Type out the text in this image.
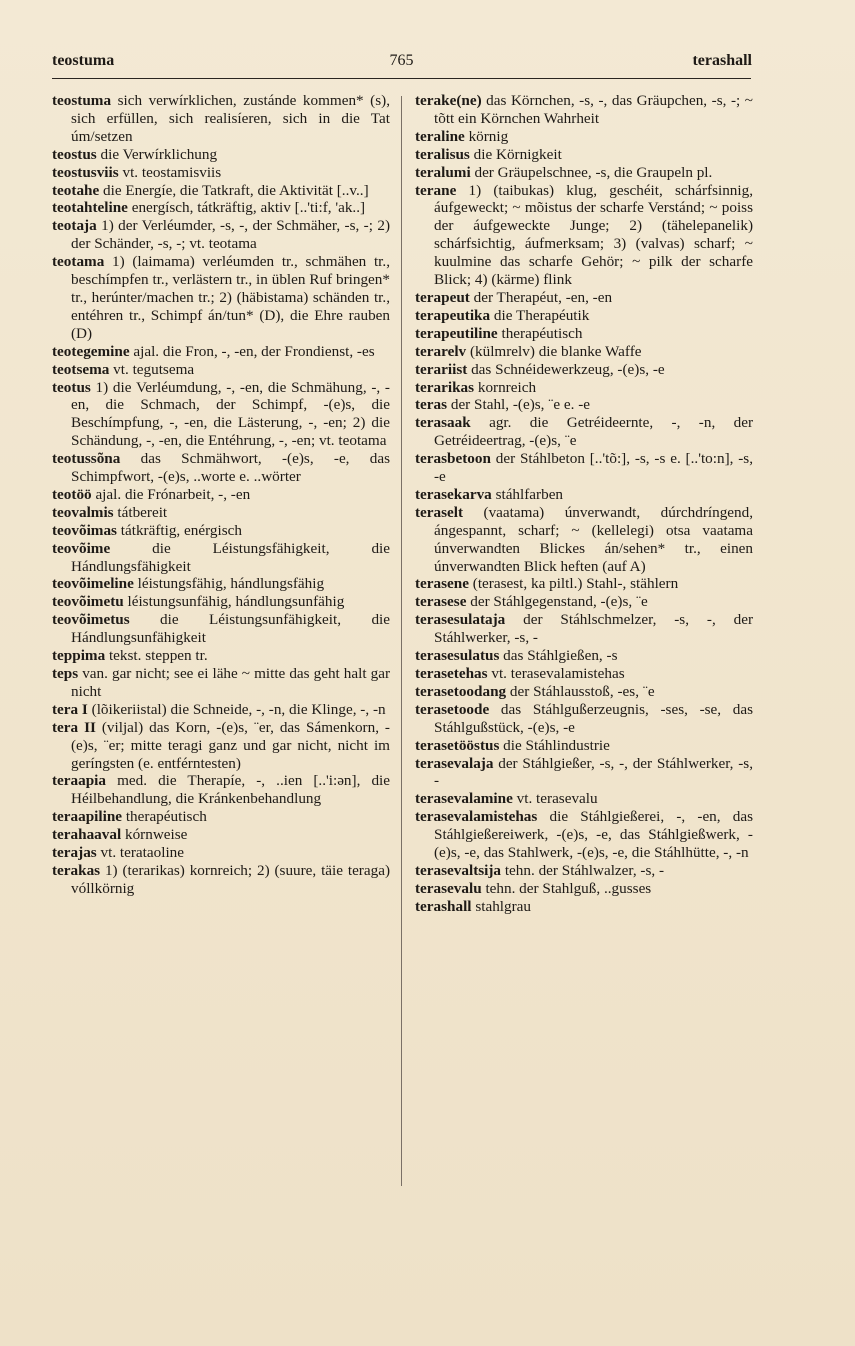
teostuma	765	terashall

teostuma sich verwírklichen, zustánde kommen* (s), sich erfüllen, sich realisíeren, sich in die Tat úm/setzen

teostus die Verwírklichung

teostusviis vt. teostamisviis

teotahe die Energíe, die Tatkraft, die Aktivität [..v..]

teotahteline energísch, tátkräftig, aktiv [..'ti:f, 'ak..]

teotaja 1) der Verléumder, -s, -, der Schmäher, -s, -; 2) der Schänder, -s, -; vt. teotama

teotama 1) (laimama) verléumden tr., schmähen tr., beschímpfen tr., verlästern tr., in üblen Ruf bringen* tr., herúnter/machen tr.; 2) (häbistama) schänden tr., entéhren tr., Schimpf án/tun* (D), die Ehre rauben (D)

teotegemine ajal. die Fron, -, -en, der Frondienst, -es

teotsema vt. tegutsema

teotus 1) die Verléumdung, -, -en, die Schmähung, -, -en, die Schmach, der Schimpf, -(e)s, die Beschímpfung, -, -en, die Lästerung, -, -en; 2) die Schändung, -, -en, die Entéhrung, -, -en; vt. teotama

teotussõna das Schmähwort, -(e)s, -e, das Schimpfwort, -(e)s, ..worte e. ..wörter

teotöö ajal. die Frónarbeit, -, -en

teovalmis tátbereit

teovõimas tátkräftig, enérgisch

teovõime	die Léistungsfähigkeit, die Hándlungsfähigkeit

teovõimeline léistungsfähig, hándlungsfähig

teovõimetu léistungsunfähig, hándlungsunfähig

teovõimetus die Léistungsunfähigkeit, die Hándlungsunfähigkeit

teppima tekst. steppen tr.

teps van. gar nicht; see ei lähe ~ mitte das geht halt gar nicht

tera I (lõikeriistal) die Schneide, -, -n, die Klinge, -, -n

tera II (viljal) das Korn, -(e)s, ¨er, das Sámenkorn, -(e)s, ¨er; mitte teragi ganz und gar nicht, nicht im geríngsten (e. entférntesten)

teraapia med. die Therapíe, -, ..ien [..'i:ən], die Héilbehandlung, die Kránkenbehandlung

teraapiline therapéutisch

terahaaval kórnweise

terajas vt. terataoline

terakas 1) (terarikas) kornreich; 2) (suure, täie teraga) vóllkörnig

terake(ne) das Körnchen, -s, -, das Gräupchen, -s, -; ~ tõtt ein Körnchen Wahrheit

teraline körnig

teralisus die Körnigkeit

teralumi der Gräupelschnee, -s, die Graupeln pl.

terane 1) (taibukas) klug, geschéit, schárfsinnig, áufgeweckt; ~ mõistus der scharfe Verstánd; ~ poiss der áufgeweckte Junge; 2) (tähelepanelik) schárfsichtig, áufmerksam; 3) (valvas) scharf; ~ kuulmine das scharfe Gehör; ~ pilk der scharfe Blick; 4) (kärme) flink

terapeut der Therapéut, -en, -en

terapeutika die Therapéutik

terapeutiline therapéutisch

terarelv (külmrelv) die blanke Waffe

terariist das Schnéidewerkzeug, -(e)s, -e

terarikas kornreich

teras der Stahl, -(e)s, ¨e e. -e

terasaak agr. die Getréideernte, -, -n, der Getréideertrag, -(e)s, ¨e

terasbetoon der Stáhlbeton [..'tõ:], -s, -s e. [..'to:n], -s, -e

terasekarva stáhlfarben

teraselt (vaatama) únverwandt, dúrchdríngend, ángespannt, scharf; ~ (kellelegi) otsa vaatama únverwandten Blickes án/sehen* tr., einen únverwandten Blick heften (auf A)

terasene (terasest, ka piltl.) Stahl-, stählern

terasese der Stáhlgegenstand, -(e)s, ¨e

terasesulataja der Stáhlschmelzer, -s, -, der Stáhlwerker, -s, -

terasesulatus das Stáhlgießen, -s

terasetehas vt. terasevalamistehas

terasetoodang der Stáhlausstoß, -es, ¨e

terasetoode das Stáhlgußerzeugnis, -ses, -se, das Stáhlgußstück, -(e)s, -e

terasetööstus die Stáhlindustrie

terasevalaja der Stáhlgießer, -s, -, der Stáhlwerker, -s, -

terasevalamine vt. terasevalu

terasevalamistehas die Stáhlgießerei, -, -en, das Stáhlgießereiwerk, -(e)s, -e, das Stáhlgießwerk, -(e)s, -e, das Stahlwerk, -(e)s, -e, die Stáhlhütte, -, -n

terasevaltsija tehn. der Stáhlwalzer, -s, -

terasevalu tehn. der Stahlguß, ..gusses

terashall stahlgrau
